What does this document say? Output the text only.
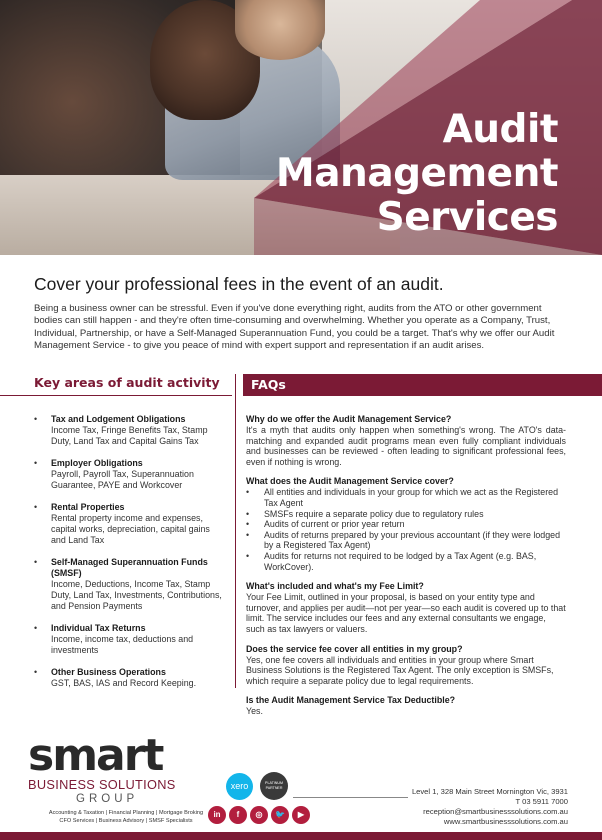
Audit
Management
Services
Cover your professional fees in the event of an audit.

Being a business owner can be stressful. Even if you've done everything right, audits from the ATO or other government bodies can still happen - and they're often time-consuming and overwhelming. Whether you operate as a Company, Trust, Individual, Partnership, or have a Self-Managed Superannuation Fund, you could be a target. That's why we offer our Audit Management Service - to give you peace of mind with expert support and representation if an audit arises.

Key areas of audit activity
• Tax and Lodgement Obligations
Income Tax, Fringe Benefits Tax, Stamp Duty, Land Tax and Capital Gains Tax
• Employer Obligations
Payroll, Payroll Tax, Superannuation Guarantee, PAYE and Workcover
• Rental Properties
Rental property income and expenses, capital works, depreciation, capital gains and Land Tax
• Self-Managed Superannuation Funds (SMSF)
Income, Deductions, Income Tax, Stamp Duty, Land Tax, Investments, Contributions, and Pension Payments
• Individual Tax Returns
Income, income tax, deductions and investments
• Other Business Operations
GST, BAS, IAS and Record Keeping.
FAQs
Why do we offer the Audit Management Service?
It's a myth that audits only happen when something's wrong. The ATO's data-matching and expanded audit programs mean even fully compliant individuals and businesses can be reviewed - often leading to significant professional fees, even if nothing is wrong.
What does the Audit Management Service cover?
• All entities and individuals in your group for which we act as the Registered Tax Agent
• SMSFs require a separate policy due to regulatory rules
• Audits of current or prior year return
• Audits of returns prepared by your previous accountant (if they were lodged by a Registered Tax Agent)
• Audits for returns not required to be lodged by a Tax Agent (e.g. BAS, WorkCover).
What's included and what's my Fee Limit?
Your Fee Limit, outlined in your proposal, is based on your entity type and turnover, and applies per audit—not per year—so each audit is covered up to that limit. The service includes our fees and any external consultants we engage, such as tax lawyers or valuers.
Does the service fee cover all entities in my group?
Yes, one fee covers all individuals and entities in your group where Smart Business Solutions is the Registered Tax Agent. The only exception is SMSFs, which require a separate policy due to legal requirements.
Is the Audit Management Service Tax Deductible?
Yes.
smart
BUSINESS SOLUTIONS
GROUP
Accounting & Taxation | Financial Planning | Mortgage Broking
CFO Services | Business Advisory | SMSF Specialists
xero	PLATINUM PARTNER
in	f	◎	🐦	▶
Level 1, 328 Main Street Mornington Vic, 3931
T 03 5911 7000
reception@smartbusinesssolutions.com.au
www.smartbusinesssolutions.com.au
